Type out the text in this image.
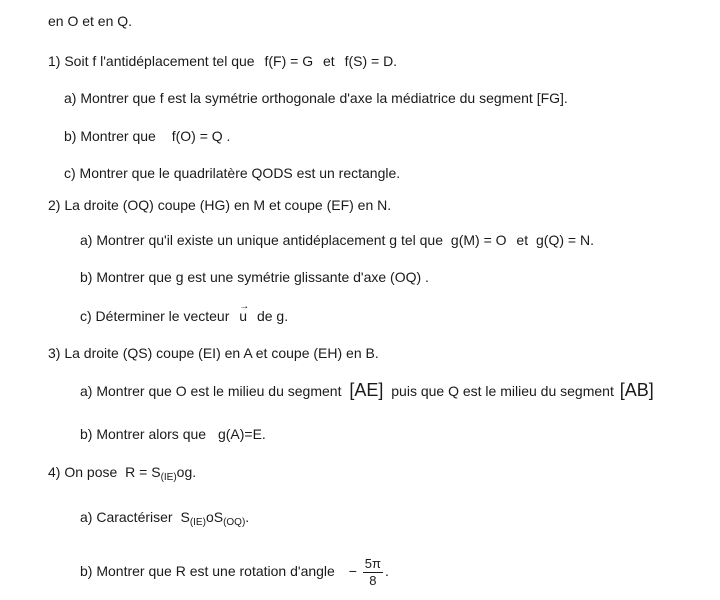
en O et en Q.
1) Soit f l'antidéplacement tel que f(F) = G et f(S) = D.
a) Montrer que f est la symétrie orthogonale d'axe la médiatrice du segment [FG].
b) Montrer que f(O) = Q .
c) Montrer que le quadrilatère QODS est un rectangle.
2) La droite (OQ) coupe (HG) en M et coupe (EF) en N.
a) Montrer qu'il existe un unique antidéplacement g tel que g(M) = O et g(Q) = N.
b) Montrer que g est une symétrie glissante d'axe (OQ) .
c) Déterminer le vecteur → u de g.
3) La droite (QS) coupe (EI) en A et coupe (EH) en B.
a) Montrer que O est le milieu du segment [AE] puis que Q est le milieu du segment [AB]
b) Montrer alors que g(A)=E.
4) On pose $R = S_{(IE)}og$.
a) Caractériser $S_{(IE)}oS_{(OQ)}$.
b) Montrer que R est une rotation d'angle − $\frac{5\pi}{8}$ .
